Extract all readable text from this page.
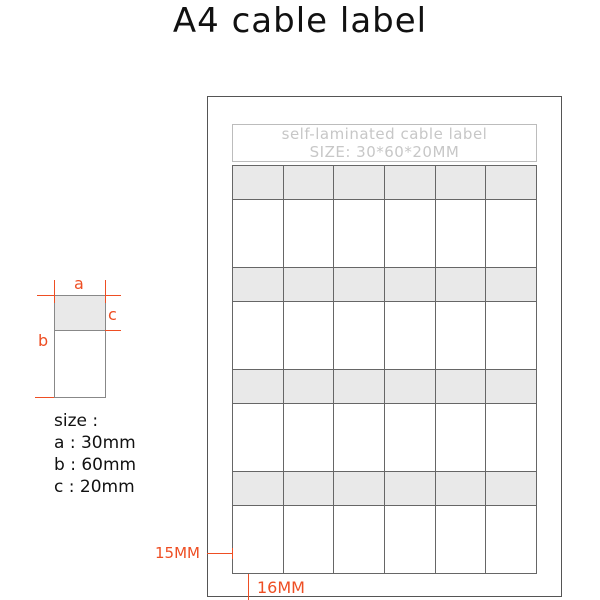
A4 cable label
self-laminated cable label
SIZE: 30*60*20MM
15MM
16MM
a
c
b
size :
a : 30mm
b : 60mm
c : 20mm
